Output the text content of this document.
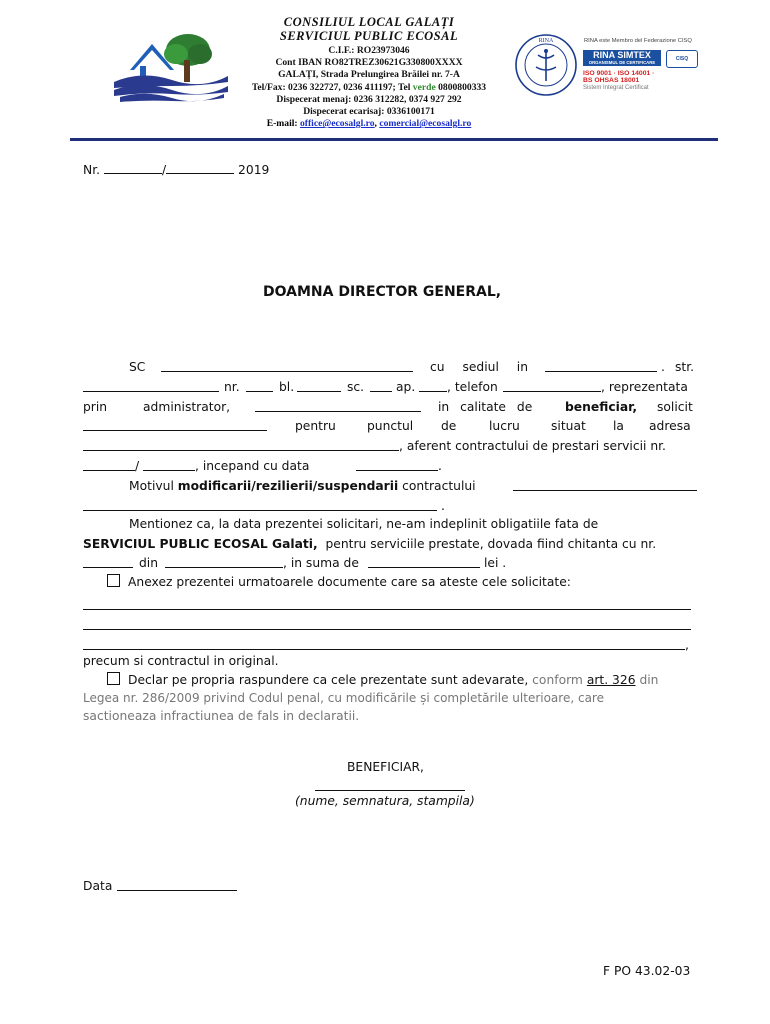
CONSILIUL LOCAL GALAȚI
SERVICIUL PUBLIC ECOSAL
C.I.F.: RO23973046
Cont IBAN RO82TREZ30621G330800XXXX
GALAȚI, Strada Prelungirea Brăilei nr. 7-A
Tel/Fax: 0236 322727, 0236 411197; Tel verde 0800800333
Dispecerat menaj: 0236 312282, 0374 927 292
Dispecerat ecarisaj: 0336100171
E-mail: office@ecosalgl.ro, comercial@ecosalgl.ro
RINA	RINA este Membro del Federazione CISQ
RINA SIMTEX
ORGANISMUL DE CERTIFICARE
CISQ
ISO 9001 · ISO 14001 ·
BS OHSAS 18001
Sistem Integrat Certificat
Nr.	/	2019
DOAMNA DIRECTOR GENERAL,
SC	cu sediul in	. str.
nr.	bl.	sc.	ap.	, telefon	, reprezentata
prin	administrator,	in calitate de	beneficiar, solicit
pentru	punctul de	lucru	situat la adresa
, aferent contractului de prestari servicii nr.
/	, incepand cu data	.
Motivul modificarii/rezilierii/suspendarii contractului
.
Mentionez ca, la data prezentei solicitari, ne-am indeplinit obligatiile fata de
SERVICIUL PUBLIC ECOSAL Galati, pentru serviciile prestate, dovada fiind chitanta cu nr.
din	, in suma de	lei .
Anexez prezentei urmatoarele documente care sa ateste cele solicitate:
,
precum si contractul in original.
Declar pe propria raspundere ca cele prezentate sunt adevarate, conform art. 326 din
Legea nr. 286/2009 privind Codul penal, cu modificările și completările ulterioare, care
sactioneaza infractiunea de fals in declaratii.
BENEFICIAR,
(nume, semnatura, stampila)
Data
F PO 43.02-03
